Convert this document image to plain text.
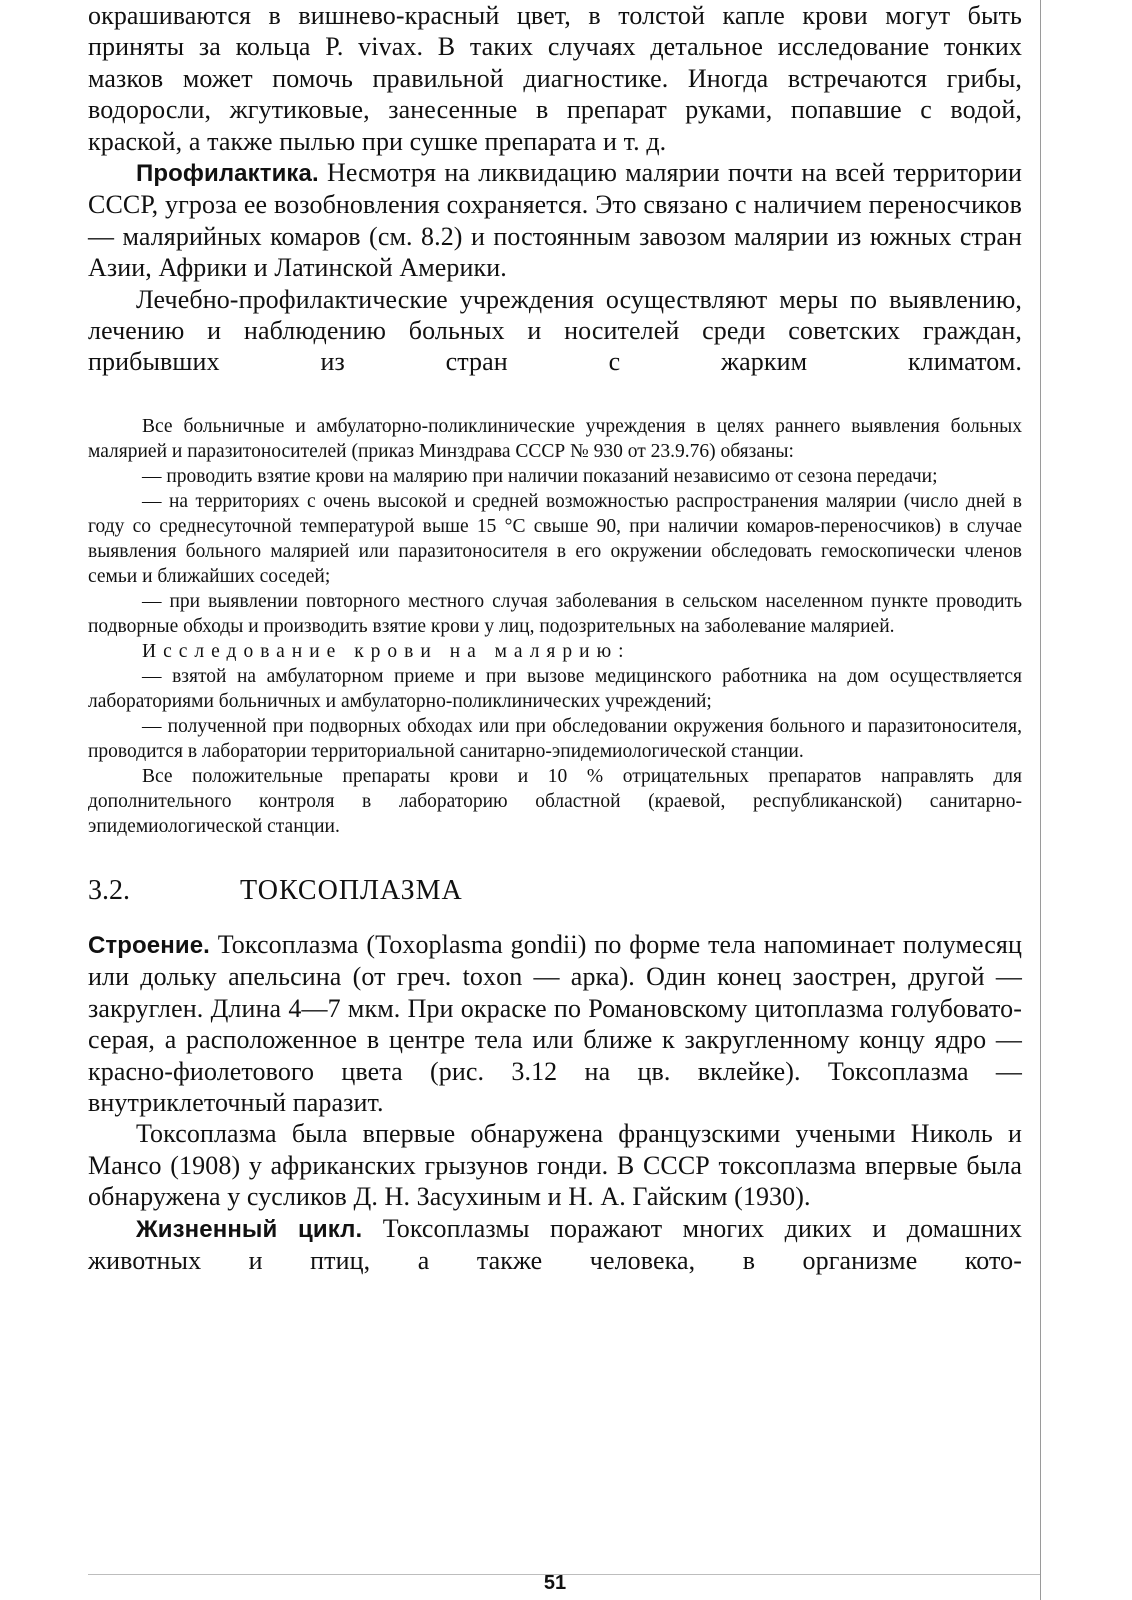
окрашиваются в вишнево-красный цвет, в толстой капле крови могут быть приняты за кольца P. vivax. В таких случаях детальное исследование тонких мазков может помочь правильной диагностике. Иногда встречаются грибы, водоросли, жгутиковые, занесенные в препарат руками, попавшие с водой, краской, а также пылью при сушке препарата и т. д.

Профилактика. Несмотря на ликвидацию малярии почти на всей территории СССР, угроза ее возобновления сохраняется. Это связано с наличием переносчиков — малярийных комаров (см. 8.2) и постоянным завозом малярии из южных стран Азии, Африки и Латинской Америки.

Лечебно-профилактические учреждения осуществляют меры по выявлению, лечению и наблюдению больных и носителей среди советских граждан, прибывших из стран с жарким климатом.

Все больничные и амбулаторно-поликлинические учреждения в целях раннего выявления больных малярией и паразитоносителей (приказ Минздрава СССР № 930 от 23.9.76) обязаны:

— проводить взятие крови на малярию при наличии показаний независимо от сезона передачи;

— на территориях с очень высокой и средней возможностью распространения малярии (число дней в году со среднесуточной температурой выше 15 °С свыше 90, при наличии комаров-переносчиков) в случае выявления больного малярией или паразитоносителя в его окружении обследовать гемоскопически членов семьи и ближайших соседей;

— при выявлении повторного местного случая заболевания в сельском населенном пункте проводить подворные обходы и производить взятие крови у лиц, подозрительных на заболевание малярией.

Исследование крови на малярию:

— взятой на амбулаторном приеме и при вызове медицинского работника на дом осуществляется лабораториями больничных и амбулаторно-поликлинических учреждений;

— полученной при подворных обходах или при обследовании окружения больного и паразитоносителя, проводится в лаборатории территориальной санитарно-эпидемиологической станции.

Все положительные препараты крови и 10 % отрицательных препаратов направлять для дополнительного контроля в лабораторию областной (краевой, республиканской) санитарно-эпидемиологической станции.

3.2.	ТОКСОПЛАЗМА

Строение. Токсоплазма (Toxoplasma gondii) по форме тела напоминает полумесяц или дольку апельсина (от греч. toxon — арка). Один конец заострен, другой — закруглен. Длина 4—7 мкм. При окраске по Романовскому цитоплазма голубовато-серая, а расположенное в центре тела или ближе к закругленному концу ядро — красно-фиолетового цвета (рис. 3.12 на цв. вклейке). Токсоплазма — внутриклеточный паразит.

Токсоплазма была впервые обнаружена французскими учеными Николь и Мансо (1908) у африканских грызунов гонди. В СССР токсоплазма впервые была обнаружена у сусликов Д. Н. Засухиным и Н. А. Гайским (1930).

Жизненный цикл. Токсоплазмы поражают многих диких и домашних животных и птиц, а также человека, в организме кото-

51
